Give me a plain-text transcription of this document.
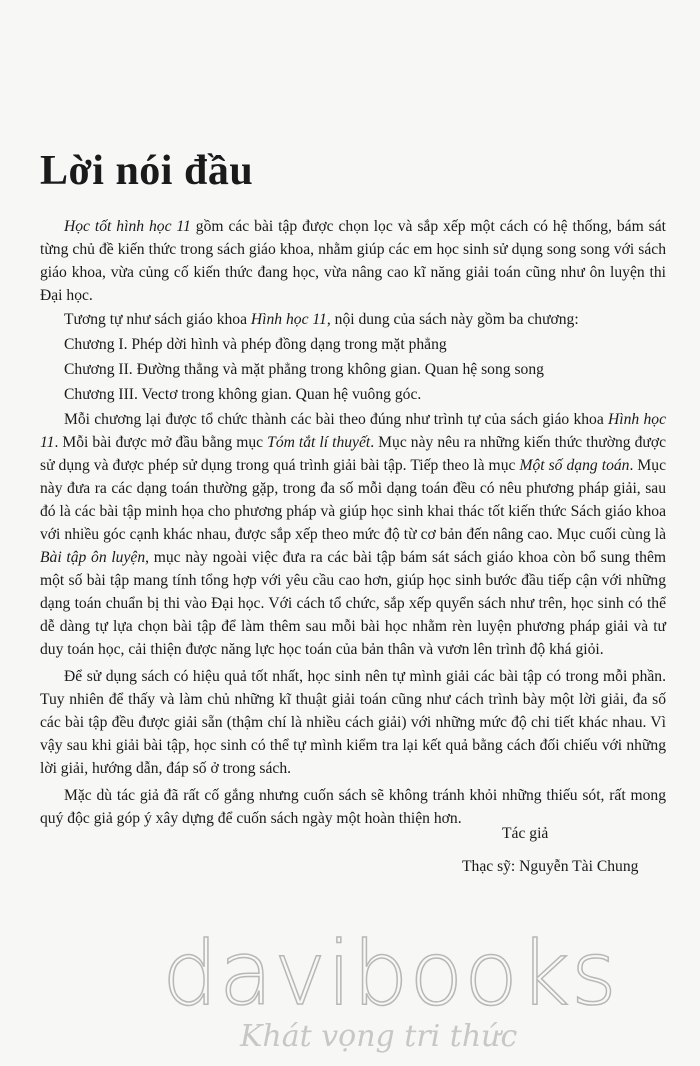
Lời nói đầu

Học tốt hình học 11 gồm các bài tập được chọn lọc và sắp xếp một cách có hệ thống, bám sát từng chủ đề kiến thức trong sách giáo khoa, nhằm giúp các em học sinh sử dụng song song với sách giáo khoa, vừa củng cố kiến thức đang học, vừa nâng cao kĩ năng giải toán cũng như ôn luyện thi Đại học.

Tương tự như sách giáo khoa Hình học 11, nội dung của sách này gồm ba chương:

Chương I. Phép dời hình và phép đồng dạng trong mặt phẳng

Chương II. Đường thẳng và mặt phẳng trong không gian. Quan hệ song song

Chương III. Vectơ trong không gian. Quan hệ vuông góc.

Mỗi chương lại được tổ chức thành các bài theo đúng như trình tự của sách giáo khoa Hình học 11. Mỗi bài được mở đầu bằng mục Tóm tắt lí thuyết. Mục này nêu ra những kiến thức thường được sử dụng và được phép sử dụng trong quá trình giải bài tập. Tiếp theo là mục Một số dạng toán. Mục này đưa ra các dạng toán thường gặp, trong đa số mỗi dạng toán đều có nêu phương pháp giải, sau đó là các bài tập minh họa cho phương pháp và giúp học sinh khai thác tốt kiến thức Sách giáo khoa với nhiều góc cạnh khác nhau, được sắp xếp theo mức độ từ cơ bản đến nâng cao. Mục cuối cùng là Bài tập ôn luyện, mục này ngoài việc đưa ra các bài tập bám sát sách giáo khoa còn bổ sung thêm một số bài tập mang tính tổng hợp với yêu cầu cao hơn, giúp học sinh bước đầu tiếp cận với những dạng toán chuẩn bị thi vào Đại học. Với cách tổ chức, sắp xếp quyển sách như trên, học sinh có thể dễ dàng tự lựa chọn bài tập để làm thêm sau mỗi bài học nhằm rèn luyện phương pháp giải và tư duy toán học, cải thiện được năng lực học toán của bản thân và vươn lên trình độ khá giỏi.

Để sử dụng sách có hiệu quả tốt nhất, học sinh nên tự mình giải các bài tập có trong mỗi phần. Tuy nhiên để thấy và làm chủ những kĩ thuật giải toán cũng như cách trình bày một lời giải, đa số các bài tập đều được giải sẵn (thậm chí là nhiều cách giải) với những mức độ chi tiết khác nhau. Vì vậy sau khi giải bài tập, học sinh có thể tự mình kiểm tra lại kết quả bằng cách đối chiếu với những lời giải, hướng dẫn, đáp số ở trong sách.

Mặc dù tác giả đã rất cố gắng nhưng cuốn sách sẽ không tránh khỏi những thiếu sót, rất mong quý độc giả góp ý xây dựng để cuốn sách ngày một hoàn thiện hơn.

Tác giả
Thạc sỹ: Nguyễn Tài Chung
davibooks
Khát vọng tri thức
